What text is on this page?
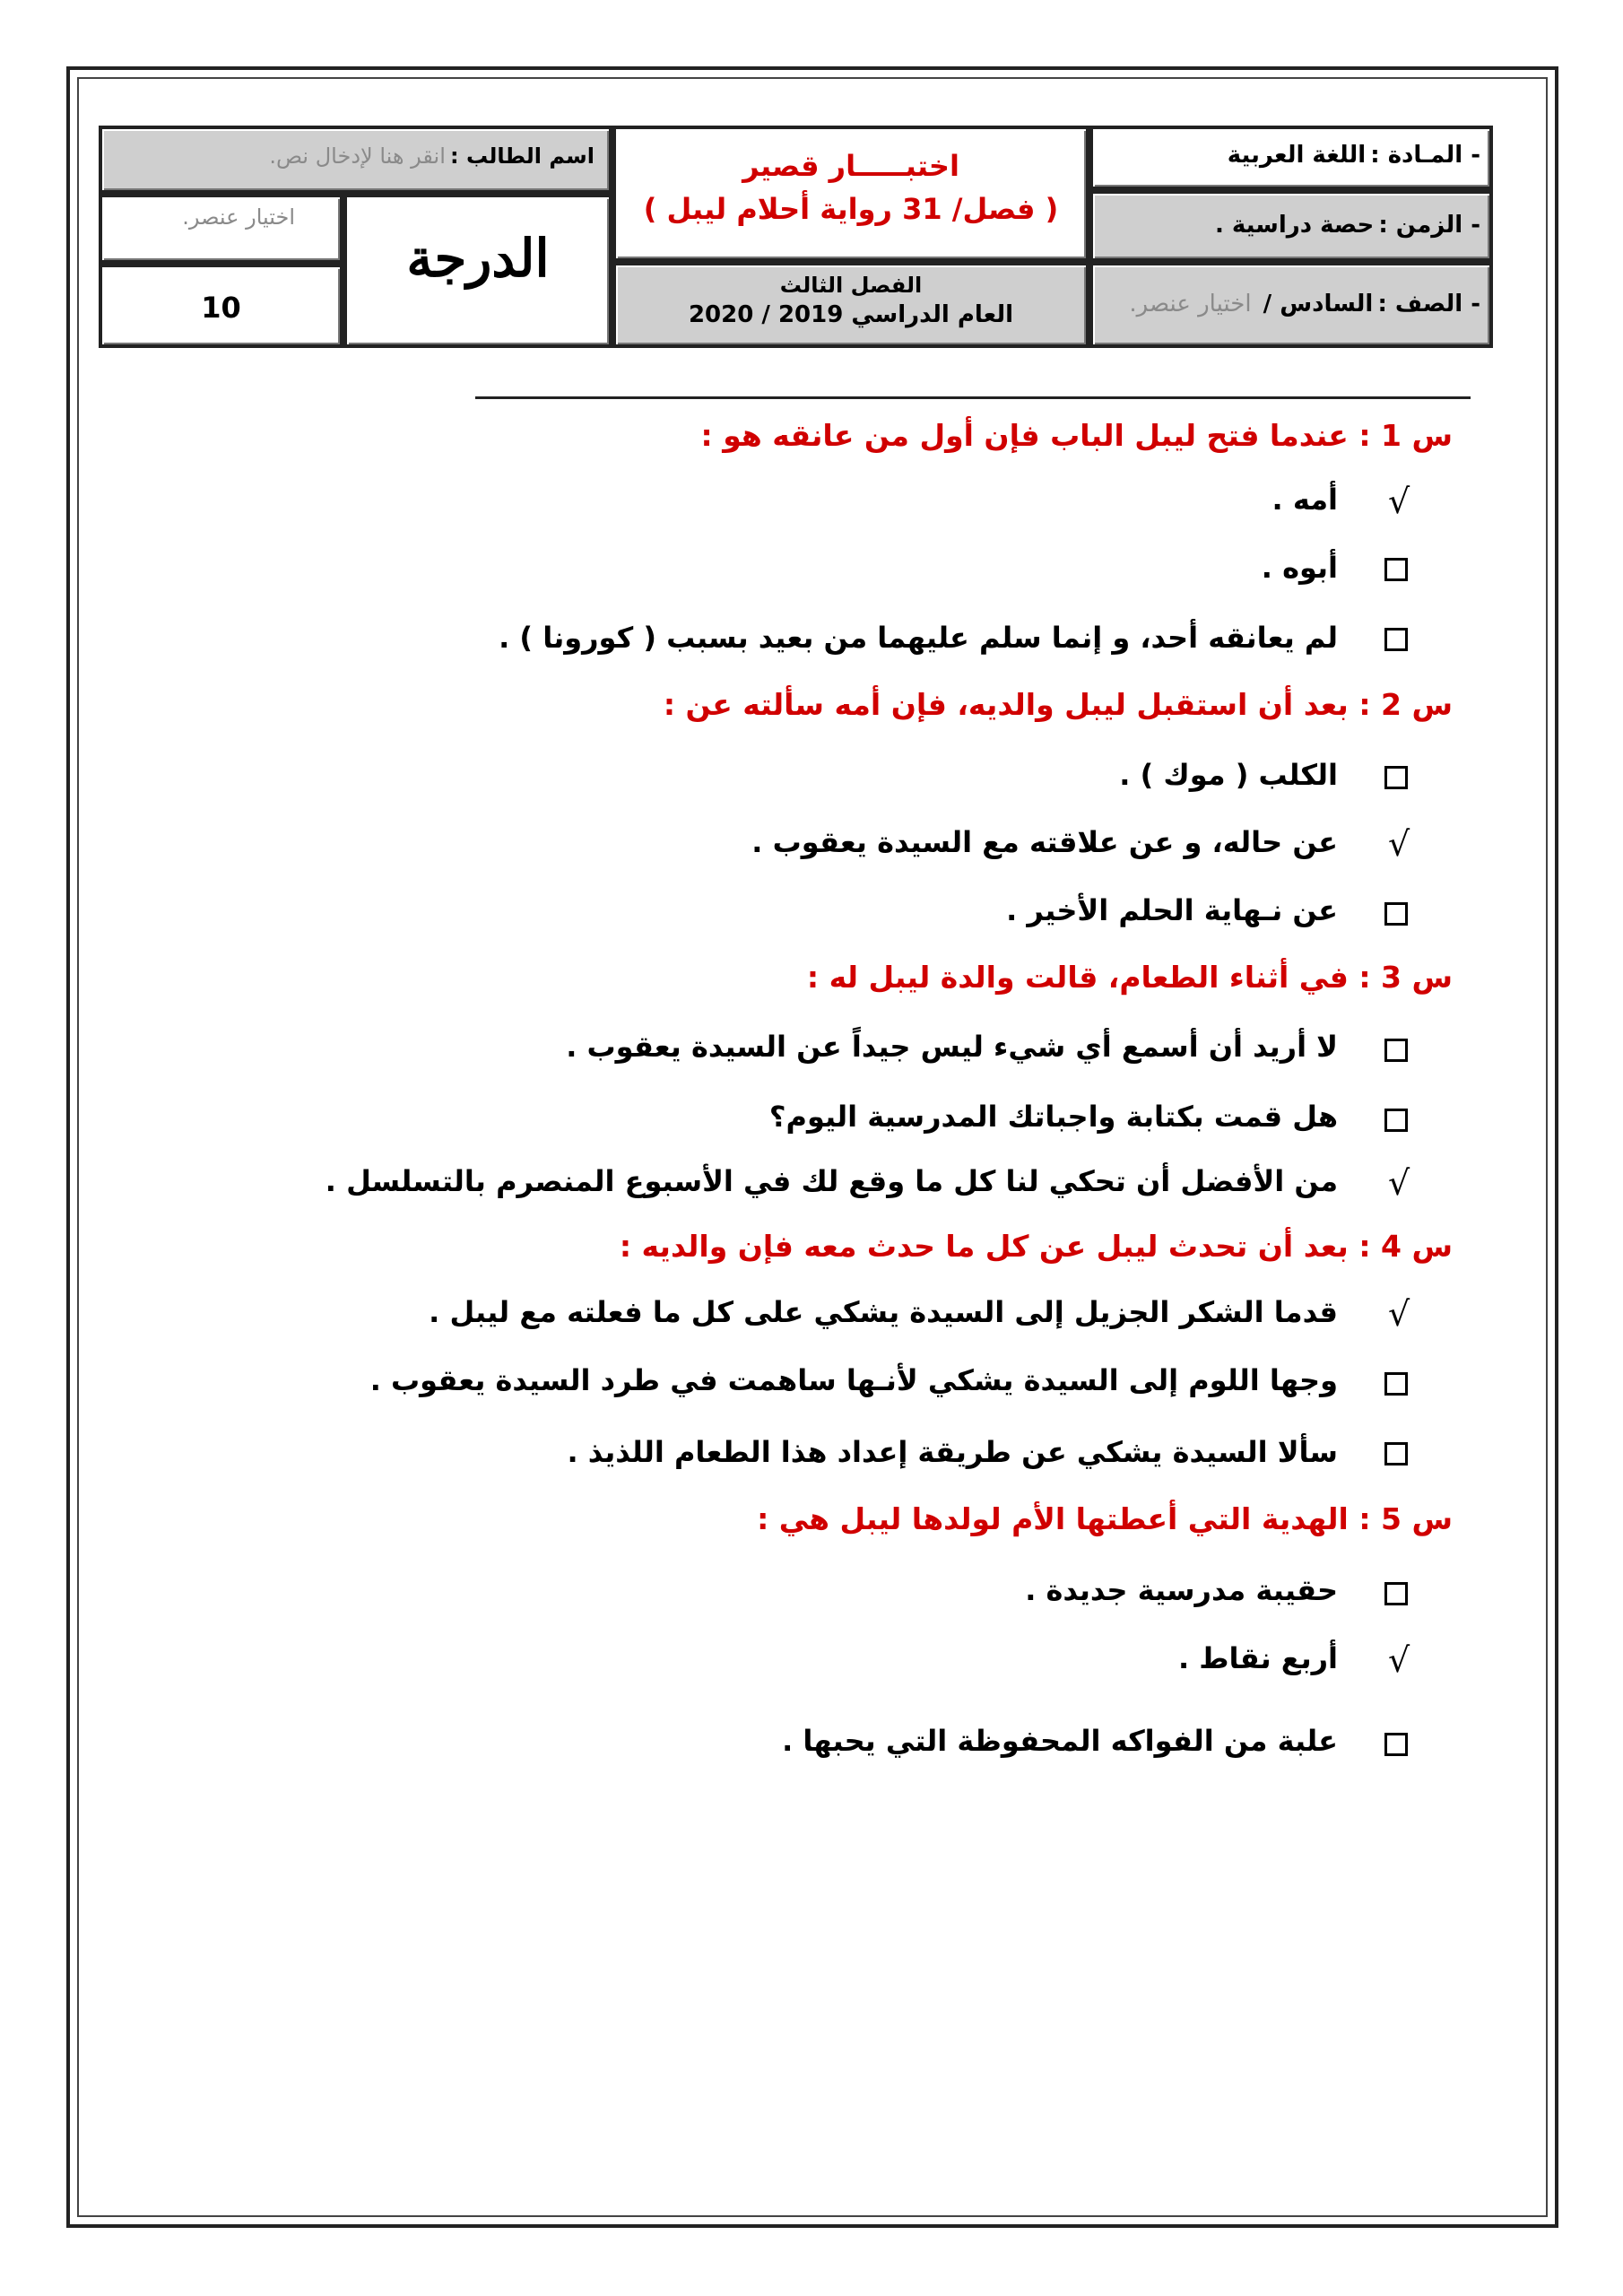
- المـادة : اللغة العربية
- الزمن : حصة دراسية .
- الصف : السادس / اختيار عنصر.
اختبـــــار قصير
( فصل/ 31 رواية أحلام ليبل )
الفصل الثالث
العام الدراسي 2019 / 2020
اسم الطالب : انقر هنا لإدخال نص.
الدرجة
اختيار عنصر.
10
س 1 : عندما فتح ليبل الباب فإن أول من عانقه هو :
√
أمه .
أبوه .
لم يعانقه أحد، و إنما سلم عليهما من بعيد بسبب ( كورونا ) .
س 2 : بعد أن استقبل ليبل والديه، فإن أمه سألته عن :
الكلب ( موك ) .
√
عن حاله، و عن علاقته مع السيدة يعقوب .
عن نـهاية الحلم الأخير .
س 3 : في أثناء الطعام، قالت والدة ليبل له :
لا أريد أن أسمع أي شيء ليس جيداً عن السيدة يعقوب .
هل قمت بكتابة واجباتك المدرسية اليوم؟
√
من الأفضل أن تحكي لنا كل ما وقع لك في الأسبوع المنصرم بالتسلسل .
س 4 : بعد أن تحدث ليبل عن كل ما حدث معه فإن والديه :
√
قدما الشكر الجزيل إلى السيدة يشكي على كل ما فعلته مع ليبل .
وجها اللوم إلى السيدة يشكي لأنـها ساهمت في طرد السيدة يعقوب .
سألا السيدة يشكي عن طريقة إعداد هذا الطعام اللذيذ .
س 5 : الهدية التي أعطتها الأم لولدها ليبل هي :
حقيبة مدرسية جديدة .
√
أربع نقاط .
علبة من الفواكه المحفوظة التي يحبها .
